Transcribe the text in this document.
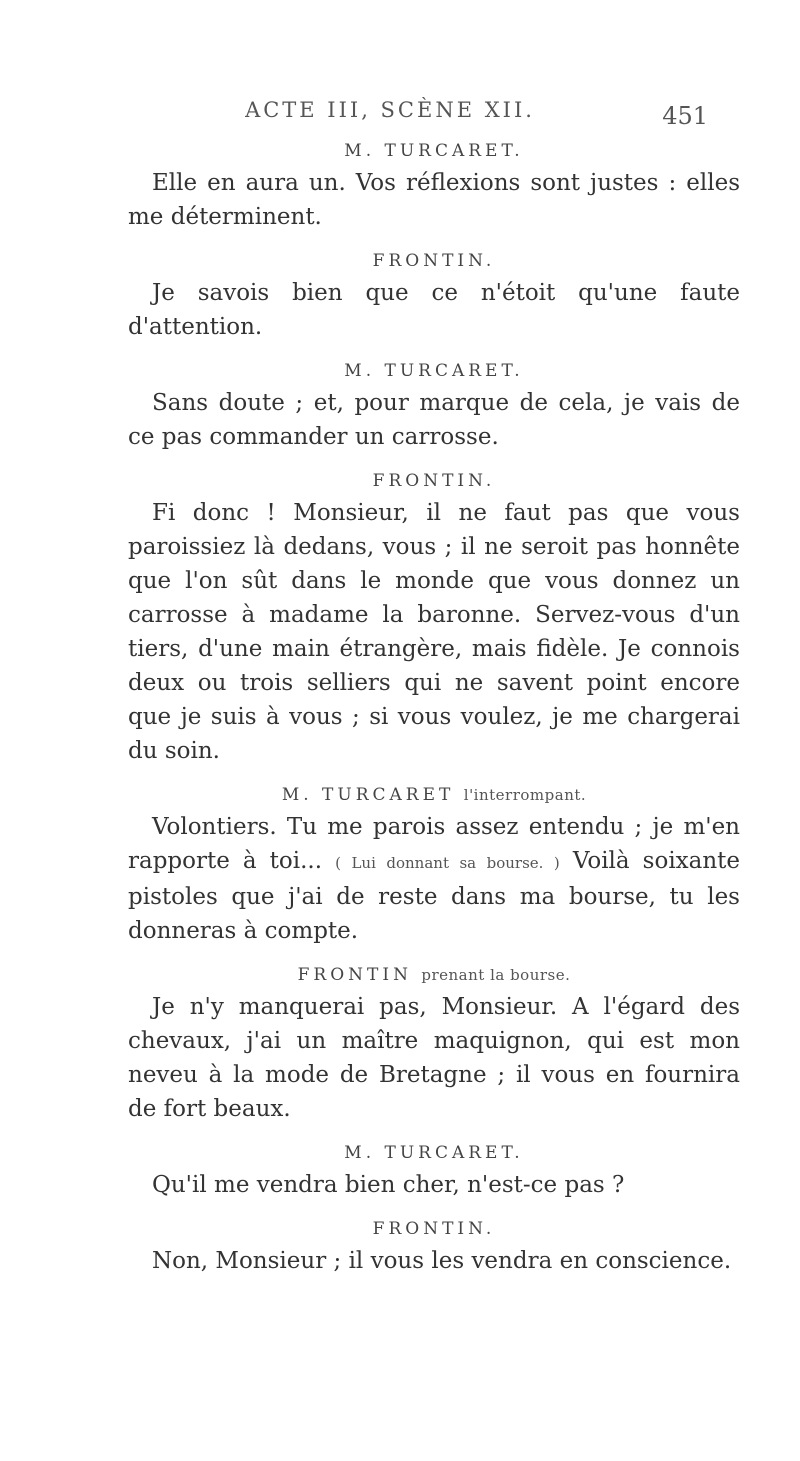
ACTE III, SCÈNE XII.	451

M. TURCARET.

Elle en aura un. Vos réflexions sont justes : elles me déterminent.

FRONTIN.

Je savois bien que ce n'étoit qu'une faute d'attention.

M. TURCARET.

Sans doute ; et, pour marque de cela, je vais de ce pas commander un carrosse.

FRONTIN.

Fi donc ! Monsieur, il ne faut pas que vous paroissiez là dedans, vous ; il ne seroit pas honnête que l'on sût dans le monde que vous donnez un carrosse à madame la baronne. Servez-vous d'un tiers, d'une main étrangère, mais fidèle. Je connois deux ou trois selliers qui ne savent point encore que je suis à vous ; si vous voulez, je me chargerai du soin.

M. TURCARET l'interrompant.

Volontiers. Tu me parois assez entendu ; je m'en rapporte à toi... ( Lui donnant sa bourse. ) Voilà soixante pistoles que j'ai de reste dans ma bourse, tu les donneras à compte.

FRONTIN prenant la bourse.

Je n'y manquerai pas, Monsieur. A l'égard des chevaux, j'ai un maître maquignon, qui est mon neveu à la mode de Bretagne ; il vous en fournira de fort beaux.

M. TURCARET.

Qu'il me vendra bien cher, n'est-ce pas ?

FRONTIN.

Non, Monsieur ; il vous les vendra en conscience.
